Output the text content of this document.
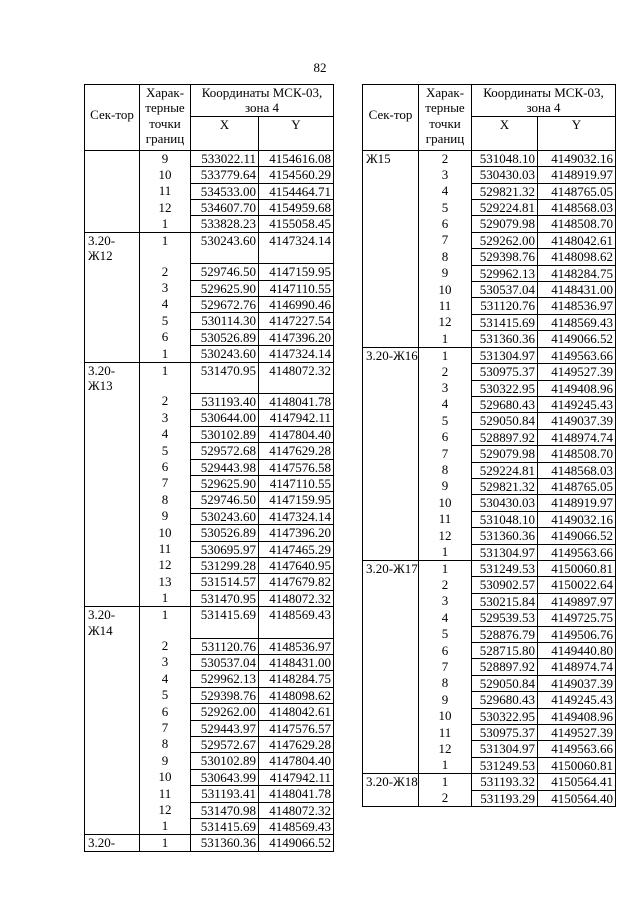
82
Сек-тор	Харак-терные точки границ	Координаты МСК-03, зона 4	
		X	Y
	9	533022.11	4154616.08
	10	533779.64	4154560.29
	11	534533.00	4154464.71
	12	534607.70	4154959.68
	1	533828.23	4155058.45
3.20-Ж12	1	530243.60	4147324.14
	2	529746.50	4147159.95
	3	529625.90	4147110.55
	4	529672.76	4146990.46
	5	530114.30	4147227.54
	6	530526.89	4147396.20
	1	530243.60	4147324.14
3.20-Ж13	1	531470.95	4148072.32
	2	531193.40	4148041.78
	3	530644.00	4147942.11
	4	530102.89	4147804.40
	5	529572.68	4147629.28
	6	529443.98	4147576.58
	7	529625.90	4147110.55
	8	529746.50	4147159.95
	9	530243.60	4147324.14
	10	530526.89	4147396.20
	11	530695.97	4147465.29
	12	531299.28	4147640.95
	13	531514.57	4147679.82
	1	531470.95	4148072.32
3.20-Ж14	1	531415.69	4148569.43
	2	531120.76	4148536.97
	3	530537.04	4148431.00
	4	529962.13	4148284.75
	5	529398.76	4148098.62
	6	529262.00	4148042.61
	7	529443.97	4147576.57
	8	529572.67	4147629.28
	9	530102.89	4147804.40
	10	530643.99	4147942.11
	11	531193.41	4148041.78
	12	531470.98	4148072.32
	1	531415.69	4148569.43
3.20-	1	531360.36	4149066.52
Сек-тор	Харак-терные точки границ	Координаты МСК-03, зона 4	
		X	Y
Ж15	2	531048.10	4149032.16
	3	530430.03	4148919.97
	4	529821.32	4148765.05
	5	529224.81	4148568.03
	6	529079.98	4148508.70
	7	529262.00	4148042.61
	8	529398.76	4148098.62
	9	529962.13	4148284.75
	10	530537.04	4148431.00
	11	531120.76	4148536.97
	12	531415.69	4148569.43
	1	531360.36	4149066.52
3.20-Ж16	1	531304.97	4149563.66
	2	530975.37	4149527.39
	3	530322.95	4149408.96
	4	529680.43	4149245.43
	5	529050.84	4149037.39
	6	528897.92	4148974.74
	7	529079.98	4148508.70
	8	529224.81	4148568.03
	9	529821.32	4148765.05
	10	530430.03	4148919.97
	11	531048.10	4149032.16
	12	531360.36	4149066.52
	1	531304.97	4149563.66
3.20-Ж17	1	531249.53	4150060.81
	2	530902.57	4150022.64
	3	530215.84	4149897.97
	4	529539.53	4149725.75
	5	528876.79	4149506.76
	6	528715.80	4149440.80
	7	528897.92	4148974.74
	8	529050.84	4149037.39
	9	529680.43	4149245.43
	10	530322.95	4149408.96
	11	530975.37	4149527.39
	12	531304.97	4149563.66
	1	531249.53	4150060.81
3.20-Ж18	1	531193.32	4150564.41
	2	531193.29	4150564.40
